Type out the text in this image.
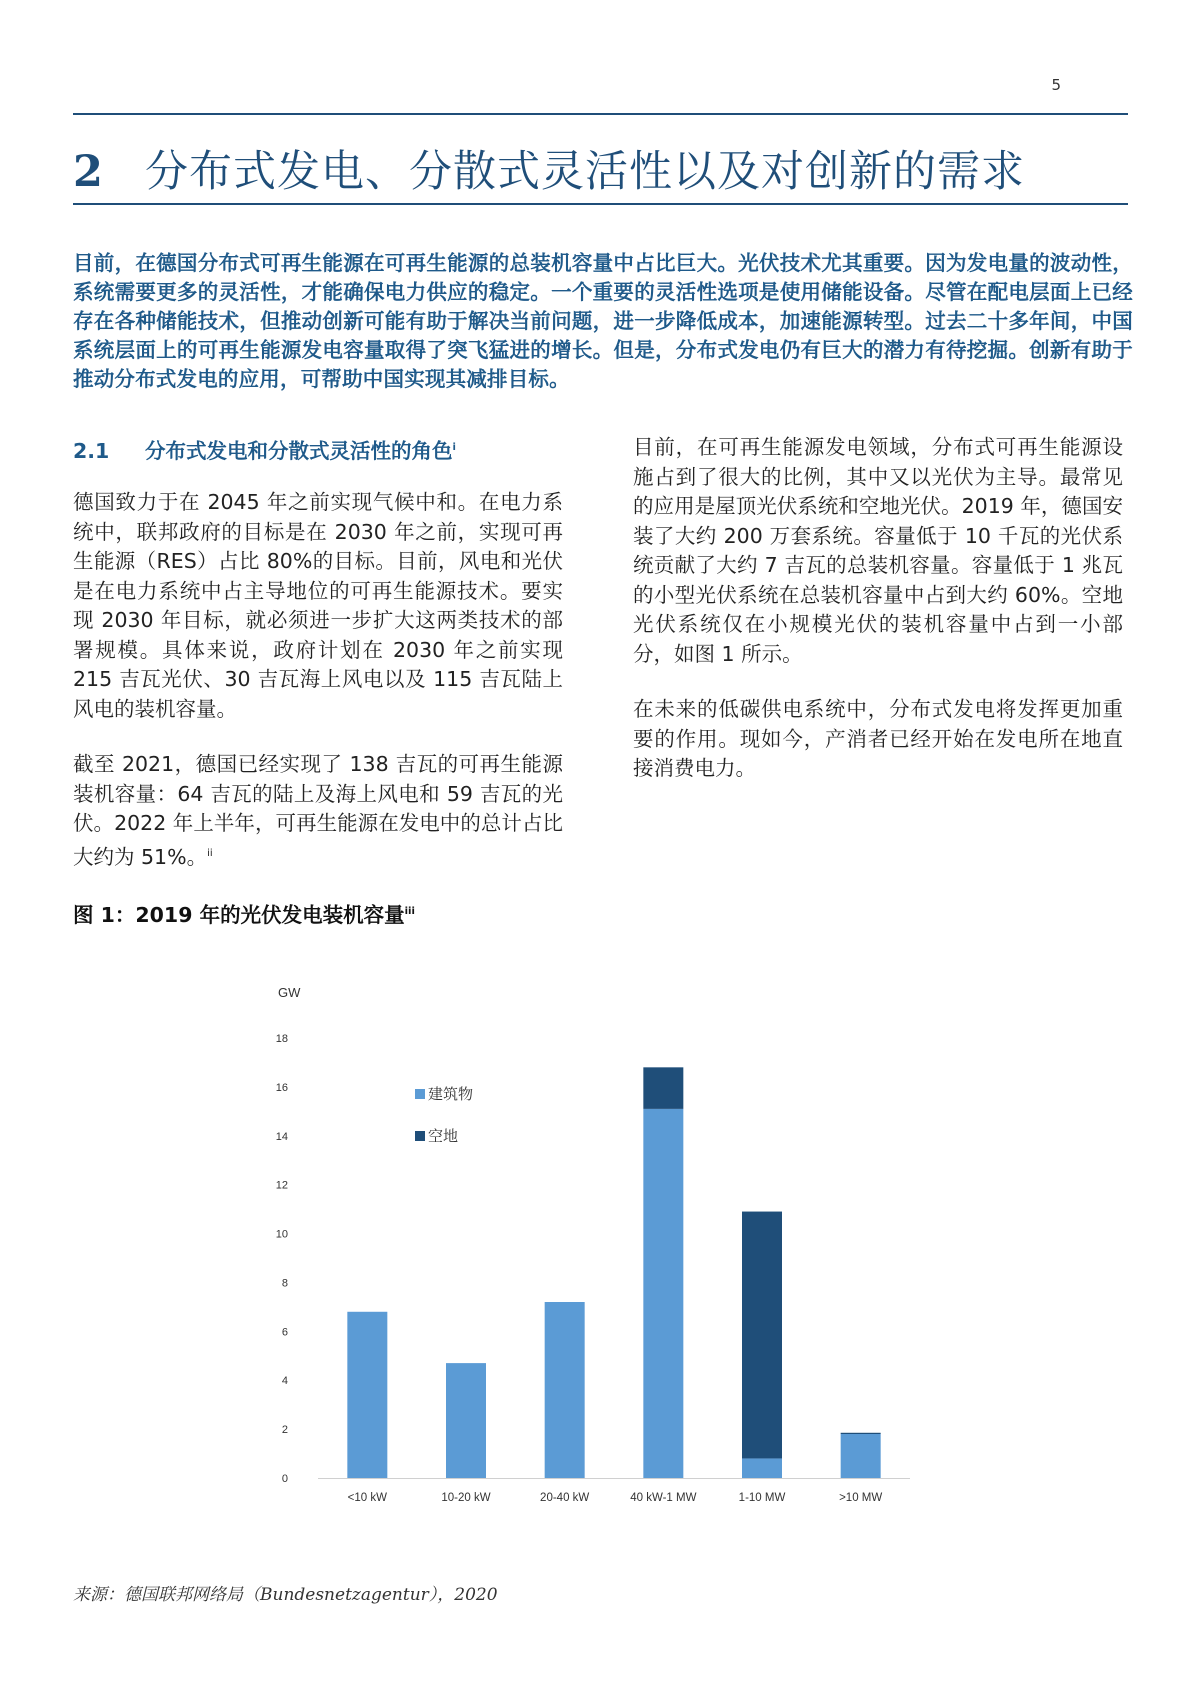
5
2 分布式发电、分散式灵活性以及对创新的需求
目前，在德国分布式可再生能源在可再生能源的总装机容量中占比巨大。光伏技术尤其重要。因为发电量的波动性，系统需要更多的灵活性，才能确保电力供应的稳定。一个重要的灵活性选项是使用储能设备。尽管在配电层面上已经存在各种储能技术，但推动创新可能有助于解决当前问题，进一步降低成本，加速能源转型。过去二十多年间，中国系统层面上的可再生能源发电容量取得了突飞猛进的增长。但是，分布式发电仍有巨大的潜力有待挖掘。创新有助于推动分布式发电的应用，可帮助中国实现其减排目标。
2.1 分布式发电和分散式灵活性的角色$^i$

德国致力于在 2045 年之前实现气候中和。在电力系统中，联邦政府的目标是在 2030 年之前，实现可再生能源（RES）占比 80%的目标。目前，风电和光伏是在电力系统中占主导地位的可再生能源技术。要实现 2030 年目标，就必须进一步扩大这两类技术的部署规模。具体来说，政府计划在 2030 年之前实现 215 吉瓦光伏、30 吉瓦海上风电以及 115 吉瓦陆上风电的装机容量。

截至 2021，德国已经实现了 138 吉瓦的可再生能源装机容量：64 吉瓦的陆上及海上风电和 59 吉瓦的光伏。2022 年上半年，可再生能源在发电中的总计占比大约为 51%。$^{ii}$

目前，在可再生能源发电领域，分布式可再生能源设施占到了很大的比例，其中又以光伏为主导。最常见的应用是屋顶光伏系统和空地光伏。2019 年，德国安装了大约 200 万套系统。容量低于 10 千瓦的光伏系统贡献了大约 7 吉瓦的总装机容量。容量低于 1 兆瓦的小型光伏系统在总装机容量中占到大约 60%。空地光伏系统仅在小规模光伏的装机容量中占到一小部分，如图 1 所示。

在未来的低碳供电系统中，分布式发电将发挥更加重要的作用。现如今，产消者已经开始在发电所在地直接消费电力。

图 1：2019 年的光伏发电装机容量$^{iii}$
GW
0
2
4
6
8
10
12
14
16
18
<10 kW	10-20 kW	20-40 kW	40 kW-1 MW	1-10 MW	>10 MW
建筑物
空地
来源：德国联邦网络局（Bundesnetzagentur），2020
